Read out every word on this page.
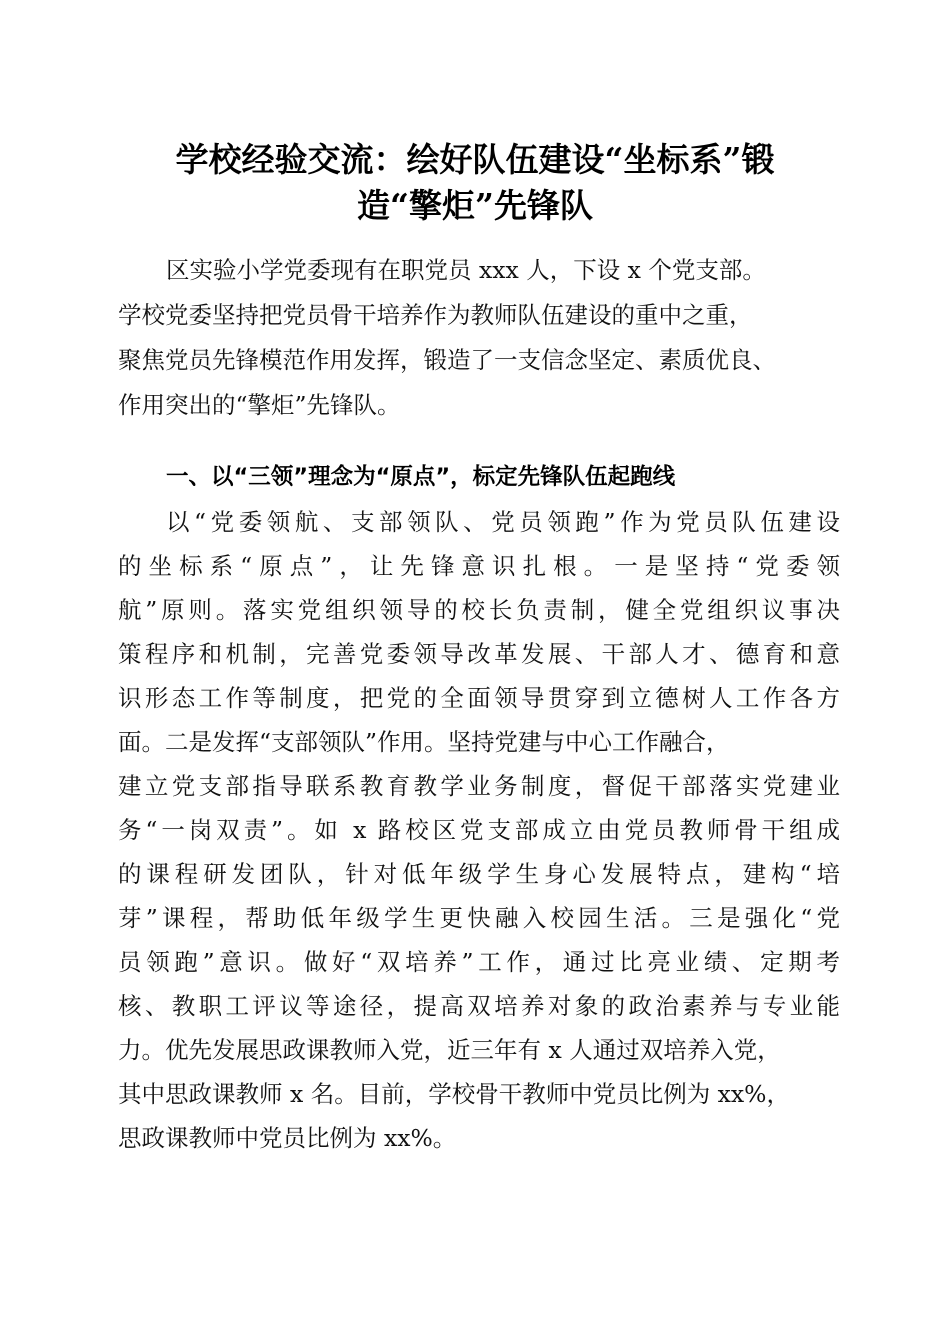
学校经验交流：绘好队伍建设“坐标系”锻
造“擎炬”先锋队
区实验小学党委现有在职党员 xxx 人，下设 x 个党支部。
学校党委坚持把党员骨干培养作为教师队伍建设的重中之重，
聚焦党员先锋模范作用发挥，锻造了一支信念坚定、素质优良、
作用突出的“擎炬”先锋队。
一、以“三领”理念为“原点”，标定先锋队伍起跑线
以“党委领航、支部领队、党员领跑”作为党员队伍建设
的坐标系“原点”，让先锋意识扎根。一是坚持“党委领
航”原则。落实党组织领导的校长负责制，健全党组织议事决
策程序和机制，完善党委领导改革发展、干部人才、德育和意
识形态工作等制度，把党的全面领导贯穿到立德树人工作各方
面。二是发挥“支部领队”作用。坚持党建与中心工作融合，
建立党支部指导联系教育教学业务制度，督促干部落实党建业
务“一岗双责”。如 x 路校区党支部成立由党员教师骨干组成
的课程研发团队，针对低年级学生身心发展特点，建构“培
芽”课程，帮助低年级学生更快融入校园生活。三是强化“党
员领跑”意识。做好“双培养”工作，通过比亮业绩、定期考
核、教职工评议等途径，提高双培养对象的政治素养与专业能
力。优先发展思政课教师入党，近三年有 x 人通过双培养入党，
其中思政课教师 x 名。目前，学校骨干教师中党员比例为 xx%，
思政课教师中党员比例为 xx%。
